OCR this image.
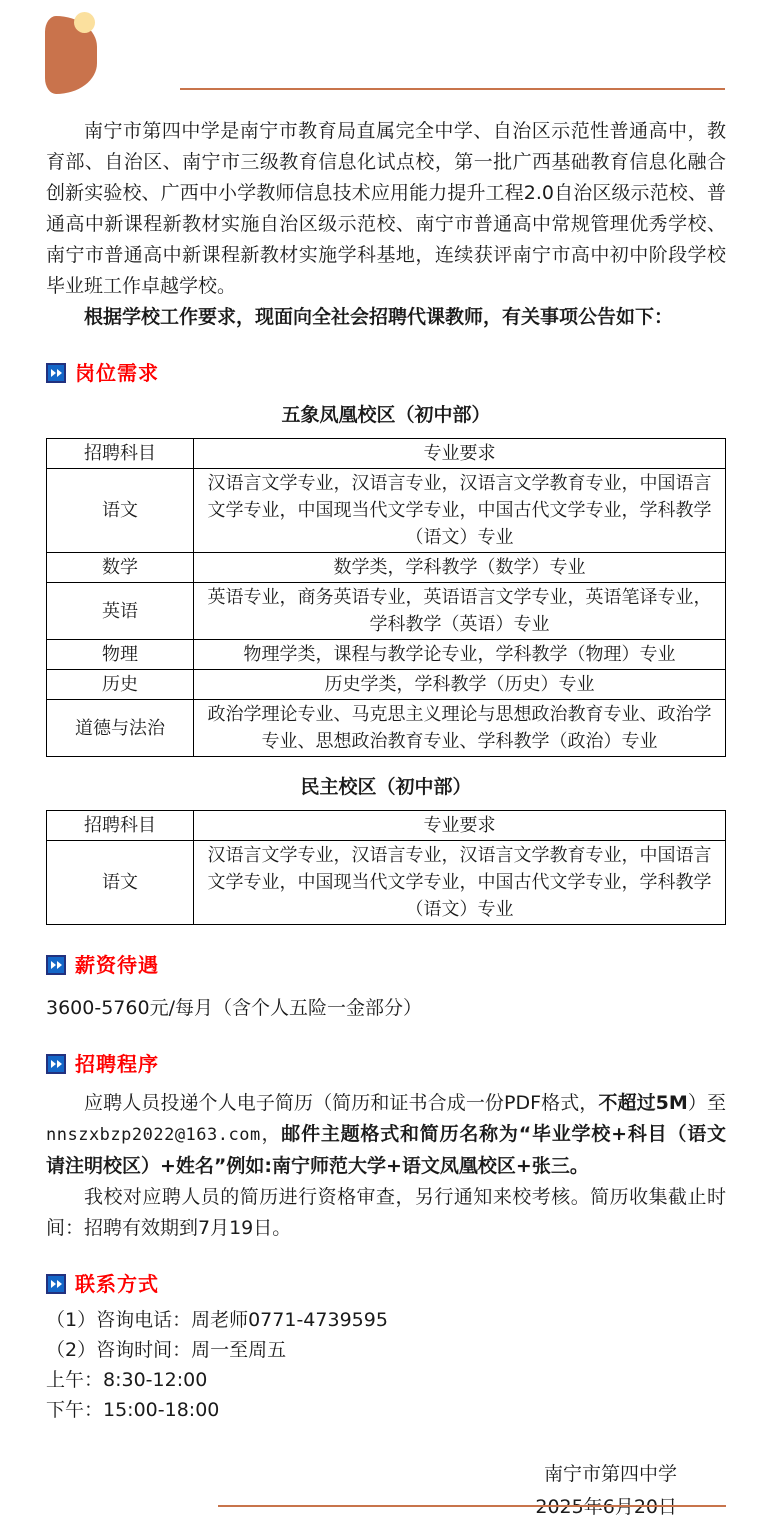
南宁市第四中学是南宁市教育局直属完全中学、自治区示范性普通高中，教育部、自治区、南宁市三级教育信息化试点校，第一批广西基础教育信息化融合创新实验校、广西中小学教师信息技术应用能力提升工程2.0自治区级示范校、普通高中新课程新教材实施自治区级示范校、南宁市普通高中常规管理优秀学校、南宁市普通高中新课程新教材实施学科基地，连续获评南宁市高中初中阶段学校毕业班工作卓越学校。

根据学校工作要求，现面向全社会招聘代课教师，有关事项公告如下：

岗位需求
五象凤凰校区（初中部）
招聘科目	专业要求
语文	汉语言文学专业，汉语言专业，汉语言文学教育专业，中国语言文学专业，中国现当代文学专业，中国古代文学专业，学科教学（语文）专业
数学	数学类，学科教学（数学）专业
英语	英语专业，商务英语专业，英语语言文学专业，英语笔译专业，学科教学（英语）专业
物理	物理学类，课程与教学论专业，学科教学（物理）专业
历史	历史学类，学科教学（历史）专业
道德与法治	政治学理论专业、马克思主义理论与思想政治教育专业、政治学专业、思想政治教育专业、学科教学（政治）专业
民主校区（初中部）
招聘科目	专业要求
语文	汉语言文学专业，汉语言专业，汉语言文学教育专业，中国语言文学专业，中国现当代文学专业，中国古代文学专业，学科教学（语文）专业
薪资待遇

3600-5760元/每月（含个人五险一金部分）

招聘程序

应聘人员投递个人电子简历（简历和证书合成一份PDF格式，不超过5M）至nnszxbzp2022@163.com，邮件主题格式和简历名称为“毕业学校+科目（语文请注明校区）+姓名”例如:南宁师范大学+语文凤凰校区+张三。

我校对应聘人员的简历进行资格审查，另行通知来校考核。简历收集截止时间：招聘有效期到7月19日。

联系方式

（1）咨询电话：周老师0771-4739595

（2）咨询时间：周一至周五

上午：8:30-12:00

下午：15:00-18:00

南宁市第四中学
2025年6月20日
